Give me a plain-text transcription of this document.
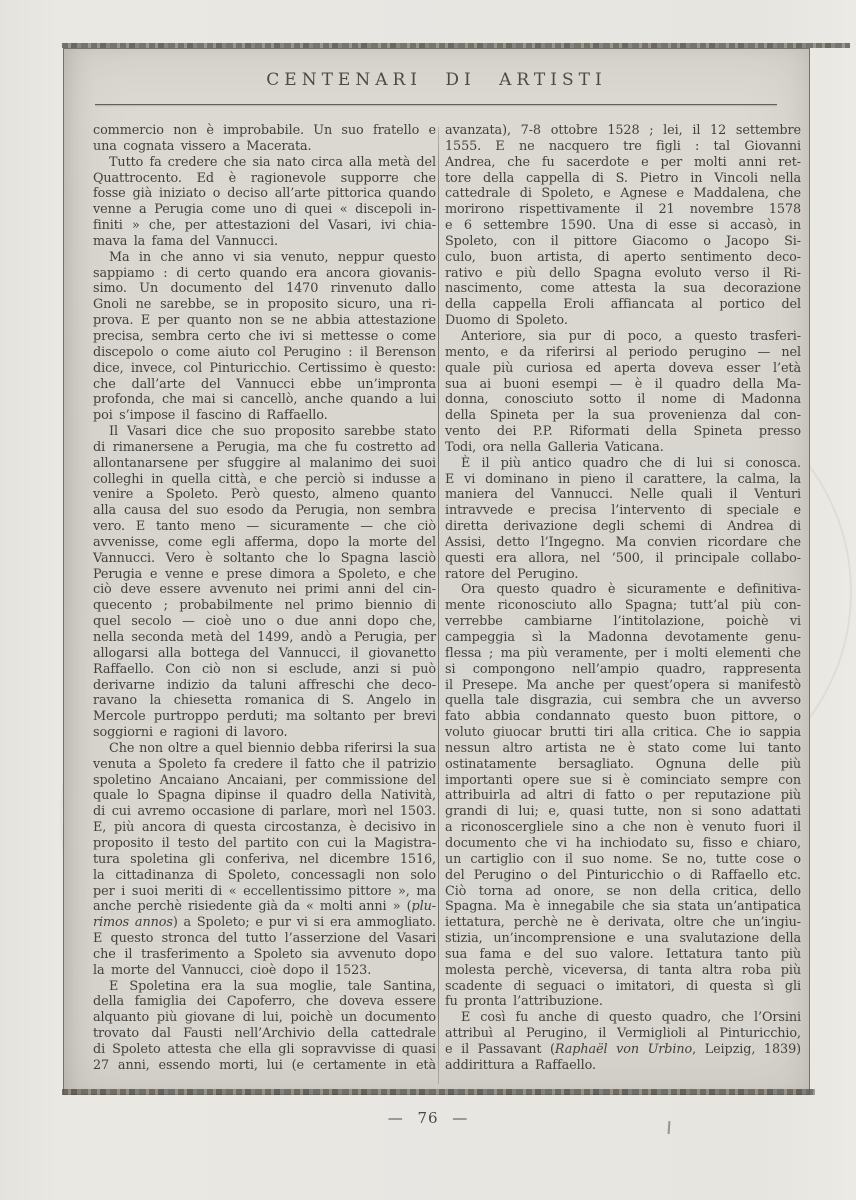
CENTENARI DI ARTISTI
commercio non è improbabile. Un suo fratello e
una cognata vissero a Macerata.
Tutto fa credere che sia nato circa alla metà del
Quattrocento. Ed è ragionevole supporre che
fosse già iniziato o deciso all’arte pittorica quando
venne a Perugia come uno di quei « discepoli in-
finiti » che, per attestazioni del Vasari, ivi chia-
mava la fama del Vannucci.
Ma in che anno vi sia venuto, neppur questo
sappiamo : di certo quando era ancora giovanis-
simo. Un documento del 1470 rinvenuto dallo
Gnoli ne sarebbe, se in proposito sicuro, una ri-
prova. E per quanto non se ne abbia attestazione
precisa, sembra certo che ivi si mettesse o come
discepolo o come aiuto col Perugino : il Berenson
dice, invece, col Pinturicchio. Certissimo è questo:
che dall’arte del Vannucci ebbe un’impronta
profonda, che mai si cancellò, anche quando a lui
poi s’impose il fascino di Raffaello.
Il Vasari dice che suo proposito sarebbe stato
di rimanersene a Perugia, ma che fu costretto ad
allontanarsene per sfuggire al malanimo dei suoi
colleghi in quella città, e che perciò si indusse a
venire a Spoleto. Però questo, almeno quanto
alla causa del suo esodo da Perugia, non sembra
vero. E tanto meno — sicuramente — che ciò
avvenisse, come egli afferma, dopo la morte del
Vannucci. Vero è soltanto che lo Spagna lasciò
Perugia e venne e prese dimora a Spoleto, e che
ciò deve essere avvenuto nei primi anni del cin-
quecento ; probabilmente nel primo biennio di
quel secolo — cioè uno o due anni dopo che,
nella seconda metà del 1499, andò a Perugia, per
allogarsi alla bottega del Vannucci, il giovanetto
Raffaello. Con ciò non si esclude, anzi si può
derivarne indizio da taluni affreschi che deco-
ravano la chiesetta romanica di S. Angelo in
Mercole purtroppo perduti; ma soltanto per brevi
soggiorni e ragioni di lavoro.
Che non oltre a quel biennio debba riferirsi la sua
venuta a Spoleto fa credere il fatto che il patrizio
spoletino Ancaiano Ancaiani, per commissione del
quale lo Spagna dipinse il quadro della Natività,
di cui avremo occasione di parlare, morì nel 1503.
E, più ancora di questa circostanza, è decisivo in
proposito il testo del partito con cui la Magistra-
tura spoletina gli conferiva, nel dicembre 1516,
la cittadinanza di Spoleto, concessagli non solo
per i suoi meriti di « eccellentissimo pittore », ma
anche perchè risiedente già da « molti anni » (plu-
rimos annos) a Spoleto; e pur vi si era ammogliato.
E questo stronca del tutto l’asserzione del Vasari
che il trasferimento a Spoleto sia avvenuto dopo
la morte del Vannucci, cioè dopo il 1523.
E Spoletina era la sua moglie, tale Santina,
della famiglia dei Capoferro, che doveva essere
alquanto più giovane di lui, poichè un documento
trovato dal Fausti nell’Archivio della cattedrale
di Spoleto attesta che ella gli sopravvisse di quasi
27 anni, essendo morti, lui (e certamente in età
avanzata), 7-8 ottobre 1528 ; lei, il 12 settembre
1555. E ne nacquero tre figli : tal Giovanni
Andrea, che fu sacerdote e per molti anni ret-
tore della cappella di S. Pietro in Vincoli nella
cattedrale di Spoleto, e Agnese e Maddalena, che
morirono rispettivamente il 21 novembre 1578
e 6 settembre 1590. Una di esse si accasò, in
Spoleto, con il pittore Giacomo o Jacopo Si-
culo, buon artista, di aperto sentimento deco-
rativo e più dello Spagna evoluto verso il Ri-
nascimento, come attesta la sua decorazione
della cappella Eroli affiancata al portico del
Duomo di Spoleto.
Anteriore, sia pur di poco, a questo trasferi-
mento, e da riferirsi al periodo perugino — nel
quale più curiosa ed aperta doveva esser l’età
sua ai buoni esempi — è il quadro della Ma-
donna, conosciuto sotto il nome di Madonna
della Spineta per la sua provenienza dal con-
vento dei P.P. Riformati della Spineta presso
Todi, ora nella Galleria Vaticana.
È il più antico quadro che di lui si conosca.
E vi dominano in pieno il carattere, la calma, la
maniera del Vannucci. Nelle quali il Venturi
intravvede e precisa l’intervento di speciale e
diretta derivazione degli schemi di Andrea di
Assisi, detto l’Ingegno. Ma convien ricordare che
questi era allora, nel ’500, il principale collabo-
ratore del Perugino.
Ora questo quadro è sicuramente e definitiva-
mente riconosciuto allo Spagna; tutt’al più con-
verrebbe cambiarne l’intitolazione, poichè vi
campeggia sì la Madonna devotamente genu-
flessa ; ma più veramente, per i molti elementi che
si compongono nell’ampio quadro, rappresenta
il Presepe. Ma anche per quest’opera si manifestò
quella tale disgrazia, cui sembra che un avverso
fato abbia condannato questo buon pittore, o
voluto giuocar brutti tiri alla critica. Che io sappia
nessun altro artista ne è stato come lui tanto
ostinatamente bersagliato. Ognuna delle più
importanti opere sue si è cominciato sempre con
attribuirla ad altri di fatto o per reputazione più
grandi di lui; e, quasi tutte, non si sono adattati
a riconoscergliele sino a che non è venuto fuori il
documento che vi ha inchiodato su, fisso e chiaro,
un cartiglio con il suo nome. Se no, tutte cose o
del Perugino o del Pinturicchio o di Raffaello etc.
Ciò torna ad onore, se non della critica, dello
Spagna. Ma è innegabile che sia stata un’antipatica
iettatura, perchè ne è derivata, oltre che un’ingiu-
stizia, un’incomprensione e una svalutazione della
sua fama e del suo valore. Iettatura tanto più
molesta perchè, viceversa, di tanta altra roba più
scadente di seguaci o imitatori, di questa sì gli
fu pronta l’attribuzione.
E così fu anche di questo quadro, che l’Orsini
attribuì al Perugino, il Vermiglioli al Pinturicchio,
e il Passavant (Raphaël von Urbino, Leipzig, 1839)
addirittura a Raffaello.
— 76 —
